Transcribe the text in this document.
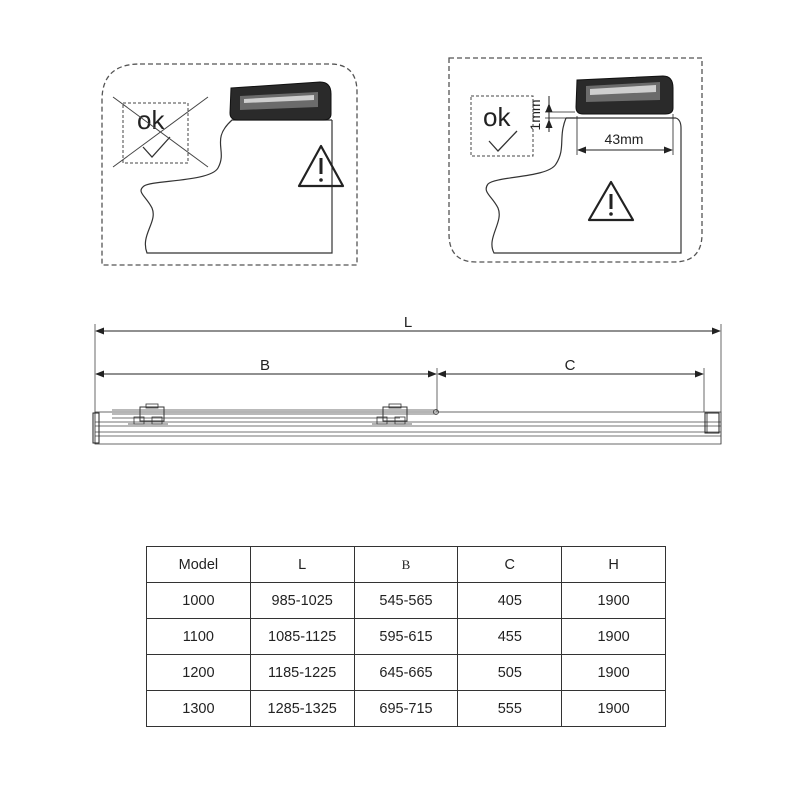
ok	1mm
43mm
ok
L
B	C
Model	L	B	C	H
1000	985-1025	545-565	405	1900
1100	1085-1125	595-615	455	1900
1200	1185-1225	645-665	505	1900
1300	1285-1325	695-715	555	1900
